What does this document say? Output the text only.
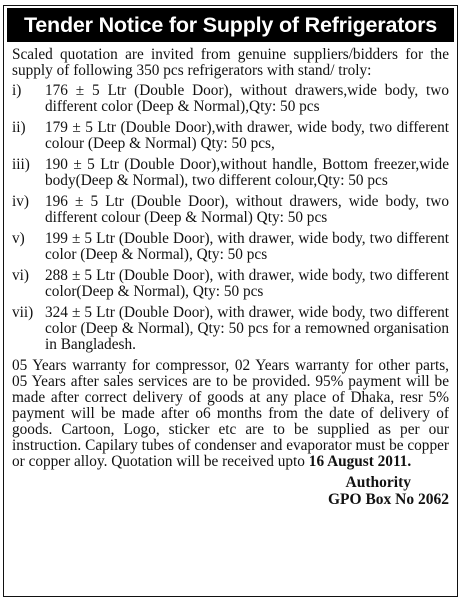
Tender Notice for Supply of Refrigerators

Scaled quotation are invited from genuine suppliers/bidders for the supply of following 350 pcs refrigerators with stand/ troly:

i)	176 ± 5 Ltr (Double Door), without drawers,wide body, two different color (Deep & Normal),Qty: 50 pcs
ii)	179 ± 5 Ltr (Double Door),with drawer, wide body, two different colour (Deep & Normal) Qty: 50 pcs,
iii) 190 ± 5 Ltr (Double Door),without handle, Bottom freezer,wide body(Deep & Normal), two different colour,Qty: 50 pcs
iv)	196 ± 5 Ltr (Double Door), without drawers, wide body, two different colour (Deep & Normal) Qty: 50 pcs
v)	199 ± 5 Ltr (Double Door), with drawer, wide body, two different color (Deep & Normal), Qty: 50 pcs
vi)	288 ± 5 Ltr (Double Door), with drawer, wide body, two different color(Deep & Normal), Qty: 50 pcs
vii) 324 ± 5 Ltr (Double Door), with drawer, wide body, two different color (Deep & Normal), Qty: 50 pcs for a remowned organisation in Bangladesh.

05 Years warranty for compressor, 02 Years warranty for other parts, 05 Years after sales services are to be provided. 95% payment will be made after correct delivery of goods at any place of Dhaka, resr 5% payment will be made after o6 months from the date of delivery of goods. Cartoon, Logo, sticker etc are to be supplied as per our instruction. Capilary tubes of condenser and evaporator must be copper or copper alloy. Quotation will be received upto 16 August 2011.

Authority
GPO Box No 2062
